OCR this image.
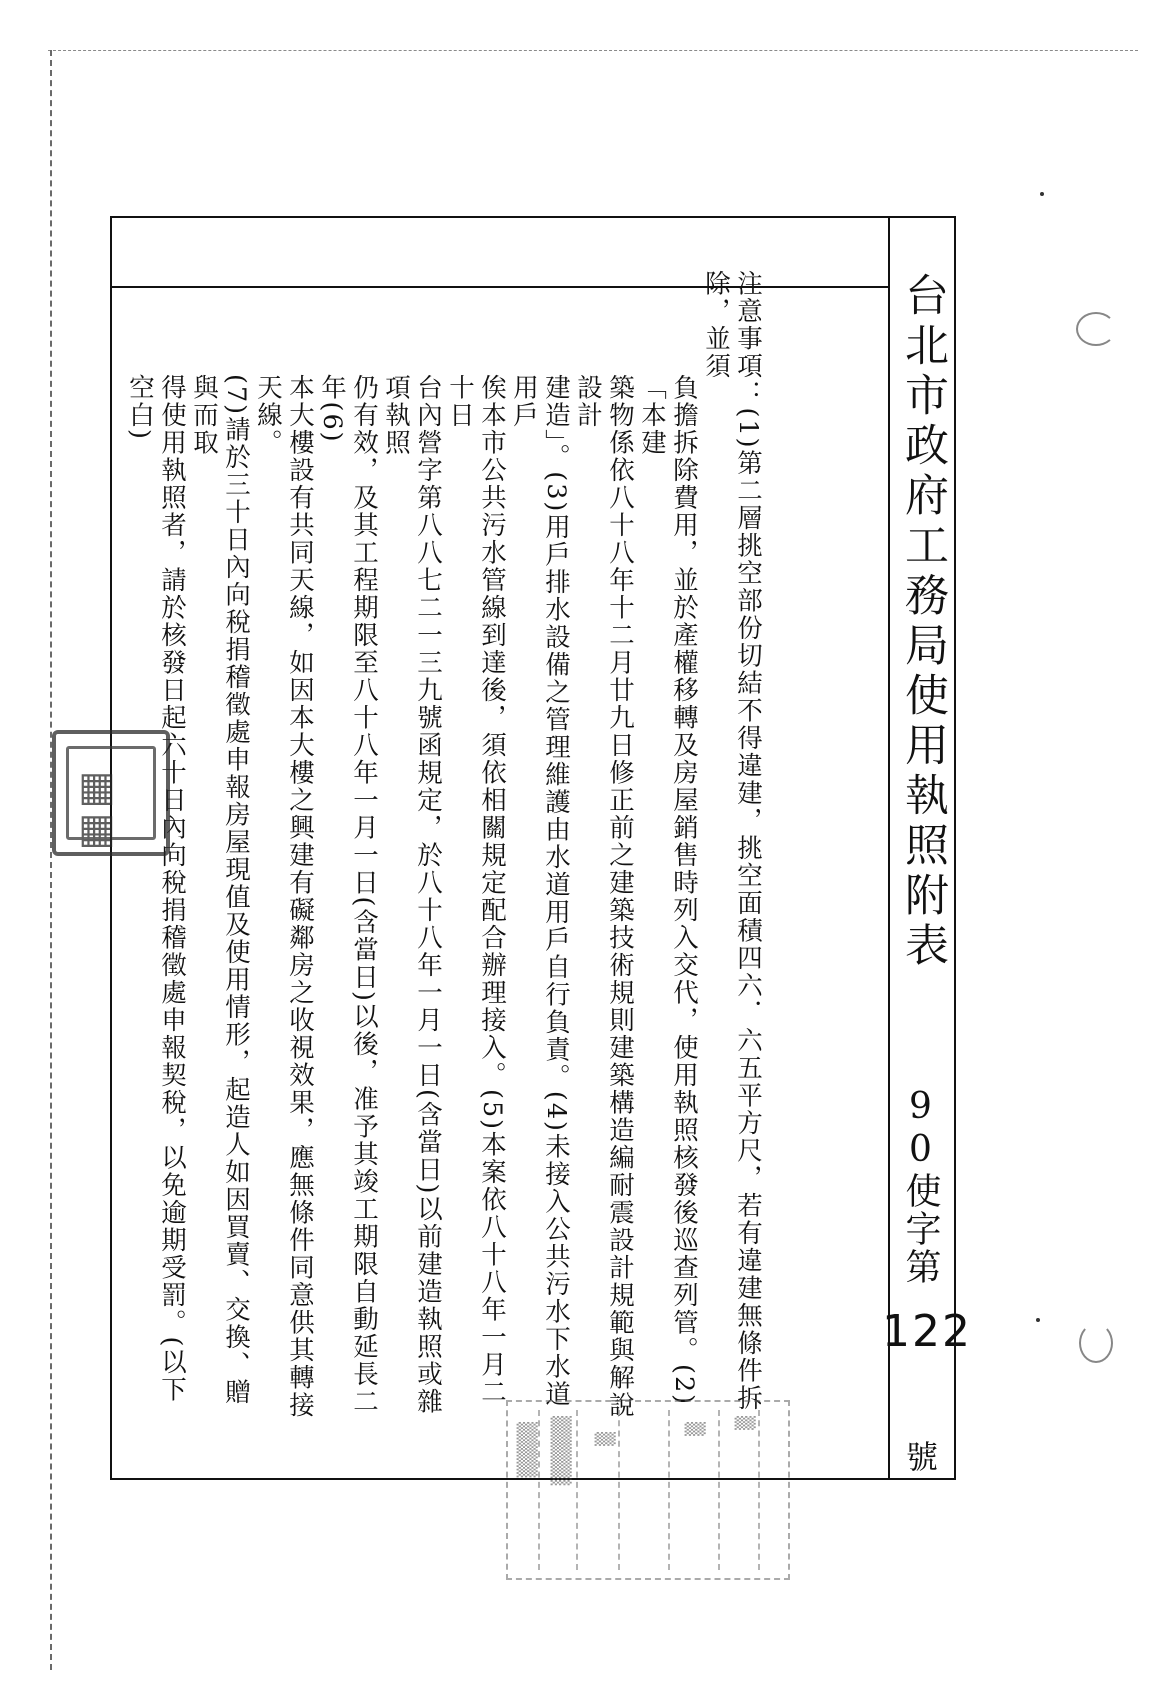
台北市政府工務局使用執照附表
90使字第
122
號
注意事項：(1)第二層挑空部份切結不得違建，挑空面積四六．六五平方尺，若有違建無條件拆除，並須
負擔拆除費用，並於產權移轉及房屋銷售時列入交代，使用執照核發後巡查列管。(2)「本建
築物係依八十八年十二月廿九日修正前之建築技術規則建築構造編耐震設計規範與解說設計
建造」。(3)用戶排水設備之管理維護由水道用戶自行負責。(4)未接入公共污水下水道用戶
俟本市公共污水管線到達後，須依相關規定配合辦理接入。(5)本案依八十八年一月二十日
台內營字第八八七二一三九號函規定，於八十八年一月一日(含當日)以前建造執照或雜項執照
仍有效，及其工程期限至八十八年一月一日(含當日)以後，准予其竣工期限自動延長二年(6)
本大樓設有共同天線，如因本大樓之興建有礙鄰房之收視效果，應無條件同意供其轉接天線。
(7)請於三十日內向稅捐稽徵處申報房屋現值及使用情形，起造人如因買賣、交換、贈與而取
得使用執照者，請於核發日起六十日內向稅捐稽徵處申報契稅，以免逾期受罰。(以下空白)
▦▦
▒▒▒▒ ▒▒▒▒▒ ▒
▒ ▒
